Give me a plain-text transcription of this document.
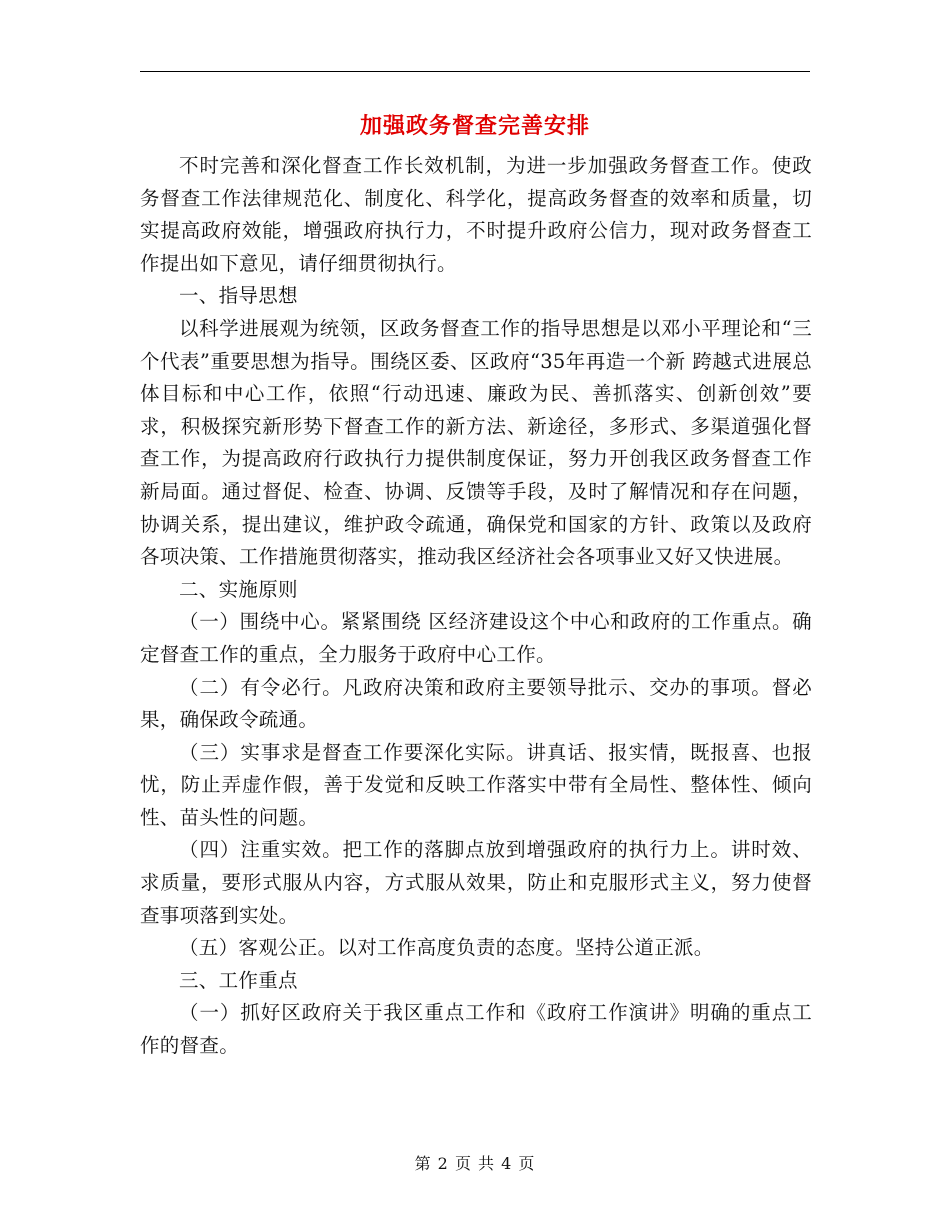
加强政务督查完善安排

不时完善和深化督查工作长效机制，为进一步加强政务督查工作。使政务督查工作法律规范化、制度化、科学化，提高政务督查的效率和质量，切实提高政府效能，增强政府执行力，不时提升政府公信力，现对政务督查工作提出如下意见，请仔细贯彻执行。

一、指导思想

以科学进展观为统领，区政务督查工作的指导思想是以邓小平理论和“三个代表”重要思想为指导。围绕区委、区政府“35年再造一个新 跨越式进展总体目标和中心工作，依照“行动迅速、廉政为民、善抓落实、创新创效”要求，积极探究新形势下督查工作的新方法、新途径，多形式、多渠道强化督查工作，为提高政府行政执行力提供制度保证，努力开创我区政务督查工作新局面。通过督促、检查、协调、反馈等手段，及时了解情况和存在问题，协调关系，提出建议，维护政令疏通，确保党和国家的方针、政策以及政府各项决策、工作措施贯彻落实，推动我区经济社会各项事业又好又快进展。

二、实施原则

（一）围绕中心。紧紧围绕 区经济建设这个中心和政府的工作重点。确定督查工作的重点，全力服务于政府中心工作。

（二）有令必行。凡政府决策和政府主要领导批示、交办的事项。督必果，确保政令疏通。

（三）实事求是督查工作要深化实际。讲真话、报实情，既报喜、也报忧，防止弄虚作假，善于发觉和反映工作落实中带有全局性、整体性、倾向性、苗头性的问题。

（四）注重实效。把工作的落脚点放到增强政府的执行力上。讲时效、求质量，要形式服从内容，方式服从效果，防止和克服形式主义，努力使督查事项落到实处。

（五）客观公正。以对工作高度负责的态度。坚持公道正派。

三、工作重点

（一）抓好区政府关于我区重点工作和《政府工作演讲》明确的重点工作的督查。

第 2 页 共 4 页
